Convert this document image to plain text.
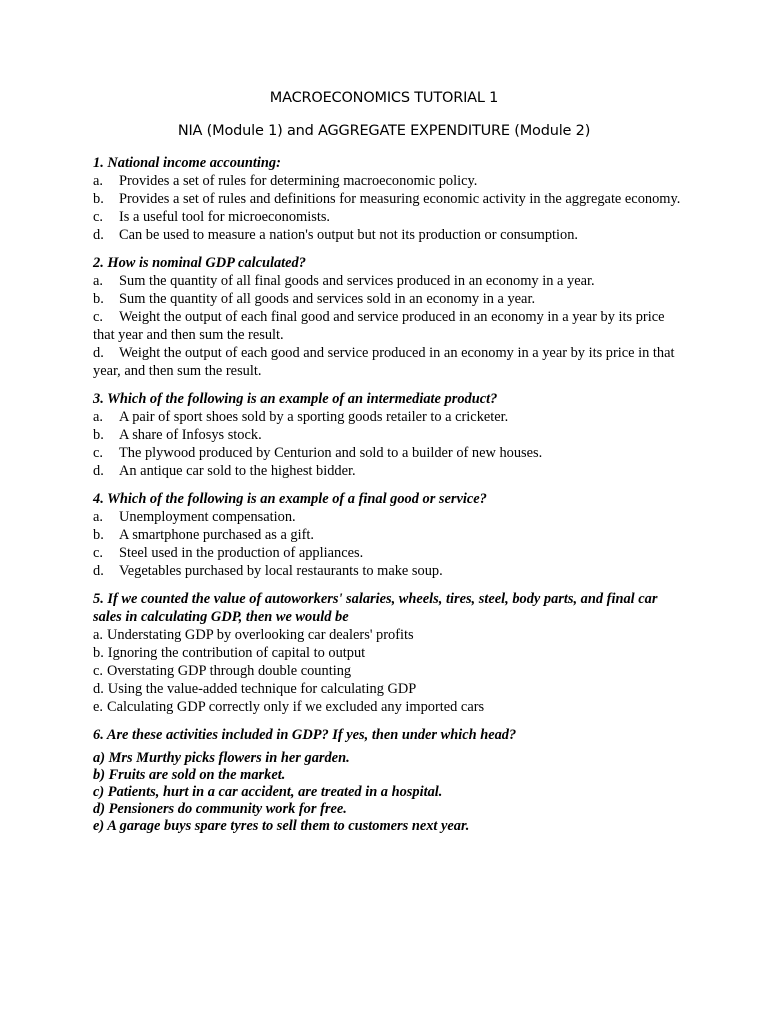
MACROECONOMICS TUTORIAL 1
NIA (Module 1) and AGGREGATE EXPENDITURE (Module 2)
1. National income accounting:
a. Provides a set of rules for determining macroeconomic policy.
b. Provides a set of rules and definitions for measuring economic activity in the aggregate economy.
c. Is a useful tool for microeconomists.
d. Can be used to measure a nation's output but not its production or consumption.
2. How is nominal GDP calculated?
a. Sum the quantity of all final goods and services produced in an economy in a year.
b. Sum the quantity of all goods and services sold in an economy in a year.
c. Weight the output of each final good and service produced in an economy in a year by its price that year and then sum the result.
d. Weight the output of each good and service produced in an economy in a year by its price in that year, and then sum the result.
3. Which of the following is an example of an intermediate product?
a. A pair of sport shoes sold by a sporting goods retailer to a cricketer.
b. A share of Infosys stock.
c. The plywood produced by Centurion and sold to a builder of new houses.
d. An antique car sold to the highest bidder.
4. Which of the following is an example of a final good or service?
a. Unemployment compensation.
b. A smartphone purchased as a gift.
c. Steel used in the production of appliances.
d. Vegetables purchased by local restaurants to make soup.
5. If we counted the value of autoworkers' salaries, wheels, tires, steel, body parts, and final car sales in calculating GDP, then we would be
a. Understating GDP by overlooking car dealers' profits
b. Ignoring the contribution of capital to output
c. Overstating GDP through double counting
d. Using the value-added technique for calculating GDP
e. Calculating GDP correctly only if we excluded any imported cars
6. Are these activities included in GDP? If yes, then under which head?
a) Mrs Murthy picks flowers in her garden.
b) Fruits are sold on the market.
c) Patients, hurt in a car accident, are treated in a hospital.
d) Pensioners do community work for free.
e) A garage buys spare tyres to sell them to customers next year.
